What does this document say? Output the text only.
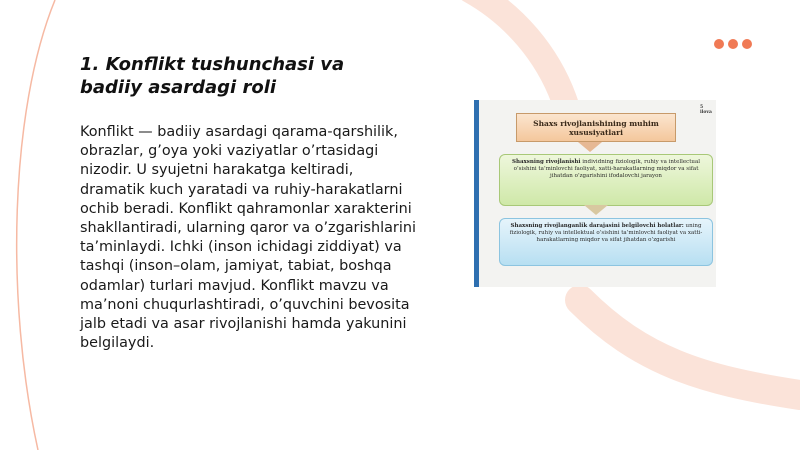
1. Konflikt tushunchasi va badiiy asardagi roli

Konflikt — badiiy asardagi qarama-qarshilik, obrazlar, g’oya yoki vaziyatlar o’rtasidagi nizodir. U syujetni harakatga keltiradi, dramatik kuch yaratadi va ruhiy-harakatlarni ochib beradi. Konflikt qahramonlar xarakterini shakllantiradi, ularning qaror va o’zgarishlarini ta’minlaydi. Ichki (inson ichidagi ziddiyat) va tashqi (inson–olam, jamiyat, tabiat, boshqa odamlar) turlari mavjud. Konflikt mavzu va ma’noni chuqurlashtiradi, o’quvchini bevosita jalb etadi va asar rivojlanishi hamda yakunini belgilaydi.

5 ilova
Shaxs rivojlanishining muhim xususiyatlari
Shaxsning rivojlanishi individning fiziologik, ruhiy va intellectual o’sishini ta’minlovchi faoliyat, xatti-harakatlarning miqdor va sifat jihatdan o’zgarishini ifodalovchi jarayon
Shaxsning rivojlanganlik darajasini belgilovchi holatlar: uning fiziologik, ruhiy va intellektual o’sishini ta’minlovchi faoliyat va xatti-harakatlarning miqdor va sifat jihatdan o’zgarishi
